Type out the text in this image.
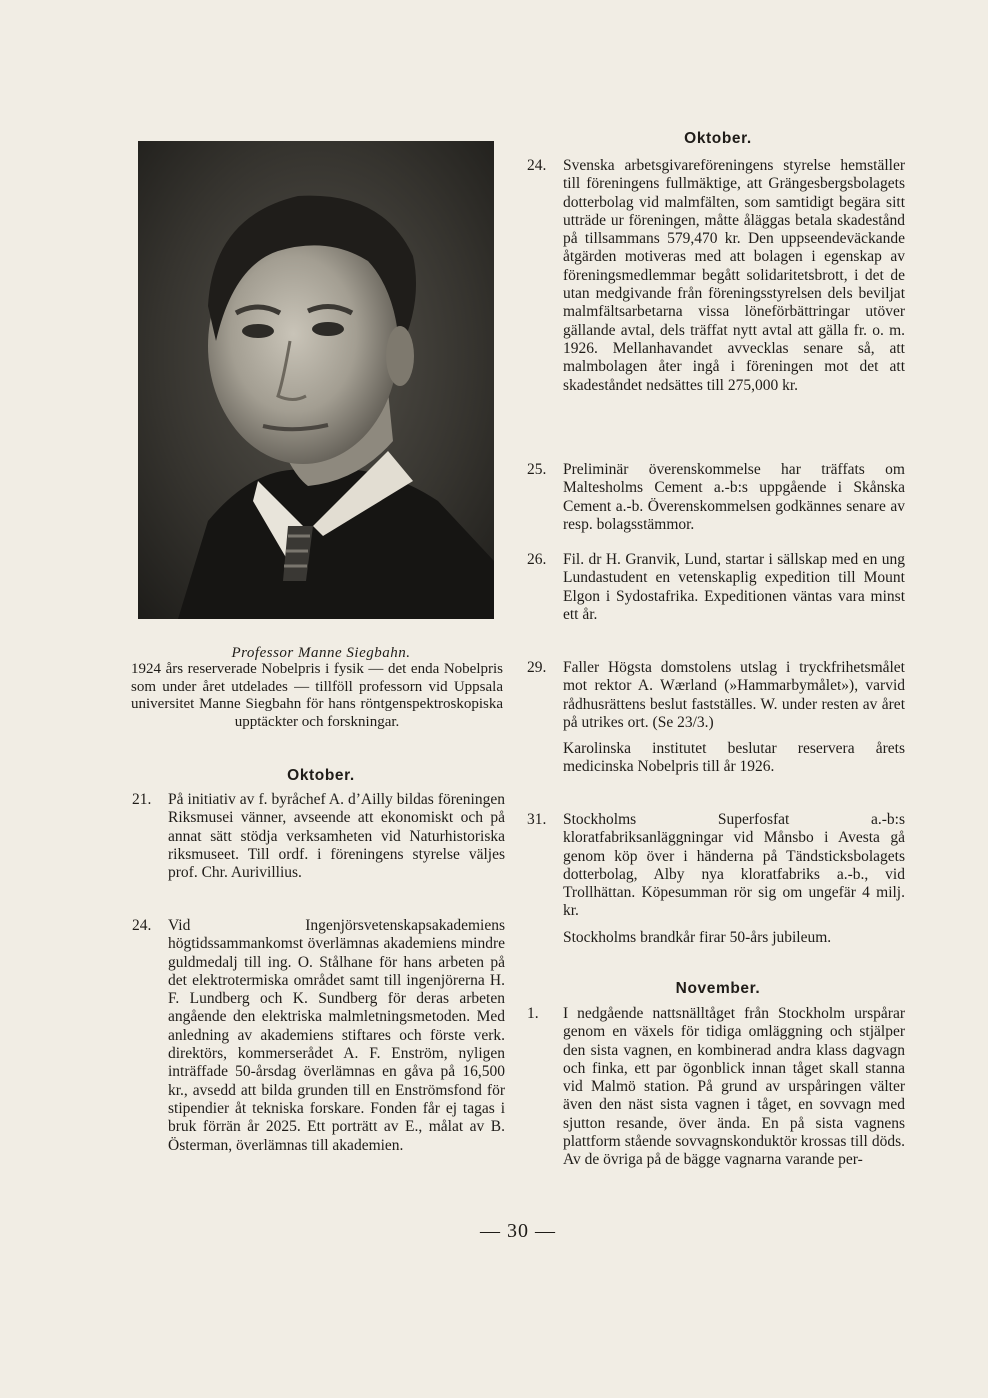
Professor Manne Siegbahn.
1924 års reserverade Nobelpris i fysik — det enda Nobelpris som under året utdelades — tillföll professorn vid Uppsala universitet Manne Siegbahn för hans röntgenspektroskopiska upptäckter och forskningar.
Oktober.
21.	På initiativ av f. byråchef A. d’Ailly bildas föreningen Riksmusei vänner, avseende att ekonomiskt och på annat sätt stödja verksamheten vid Naturhistoriska riksmuseet. Till ordf. i föreningens styrelse väljes prof. Chr. Aurivillius.
24.	Vid Ingenjörsvetenskapsakademiens högtidssammankomst överlämnas akademiens mindre guldmedalj till ing. O. Stålhane för hans arbeten på det elektrotermiska området samt till ingenjörerna H. F. Lundberg och K. Sundberg för deras arbeten angående den elektriska malmletningsmetoden. Med anledning av akademiens stiftares och förste verk. direktörs, kommerserådet A. F. Enström, nyligen inträffade 50-årsdag överlämnas en gåva på 16,500 kr., avsedd att bilda grunden till en Enströmsfond för stipendier åt tekniska forskare. Fonden får ej tagas i bruk förrän år 2025. Ett porträtt av E., målat av B. Österman, överlämnas till akademien.
Oktober.
24.	Svenska arbetsgivareföreningens styrelse hemställer till föreningens fullmäktige, att Grängesbergsbolagets dotterbolag vid malmfälten, som samtidigt begära sitt utträde ur föreningen, måtte åläggas betala skadestånd på tillsammans 579,470 kr. Den uppseendeväckande åtgärden motiveras med att bolagen i egenskap av föreningsmedlemmar begått solidaritetsbrott, i det de utan medgivande från föreningsstyrelsen dels beviljat malmfältsarbetarna vissa löneförbättringar utöver gällande avtal, dels träffat nytt avtal att gälla fr. o. m. 1926. Mellanhavandet avvecklas senare så, att malmbolagen åter ingå i föreningen mot det att skadeståndet nedsättes till 275,000 kr.
25.	Preliminär överenskommelse har träffats om Maltesholms Cement a.-b:s uppgående i Skånska Cement a.-b. Överenskommelsen godkännes senare av resp. bolagsstämmor.
26.	Fil. dr H. Granvik, Lund, startar i sällskap med en ung Lundastudent en vetenskaplig expedition till Mount Elgon i Sydostafrika. Expeditionen väntas vara minst ett år.
29.	Faller Högsta domstolens utslag i tryckfrihetsmålet mot rektor A. Wærland (»Hammarbymålet»), varvid rådhusrättens beslut fastställes. W. under resten av året på utrikes ort. (Se 23/3.)
Karolinska institutet beslutar reservera årets medicinska Nobelpris till år 1926.
31.	Stockholms Superfosfat a.-b:s kloratfabriksanläggningar vid Månsbo i Avesta gå genom köp över i händerna på Tändsticksbolagets dotterbolag, Alby nya kloratfabriks a.-b., vid Trollhättan. Köpesumman rör sig om ungefär 4 milj. kr.
Stockholms brandkår firar 50-års jubileum.
November.
1.	I nedgående nattsnälltåget från Stockholm urspårar genom en växels för tidiga omläggning och stjälper den sista vagnen, en kombinerad andra klass dagvagn och finka, ett par ögonblick innan tåget skall stanna vid Malmö station. På grund av urspåringen välter även den näst sista vagnen i tåget, en sovvagn med sjutton resande, över ända. En på sista vagnens plattform stående sovvagnskonduktör krossas till döds. Av de övriga på de bägge vagnarna varande per-
— 30 —
